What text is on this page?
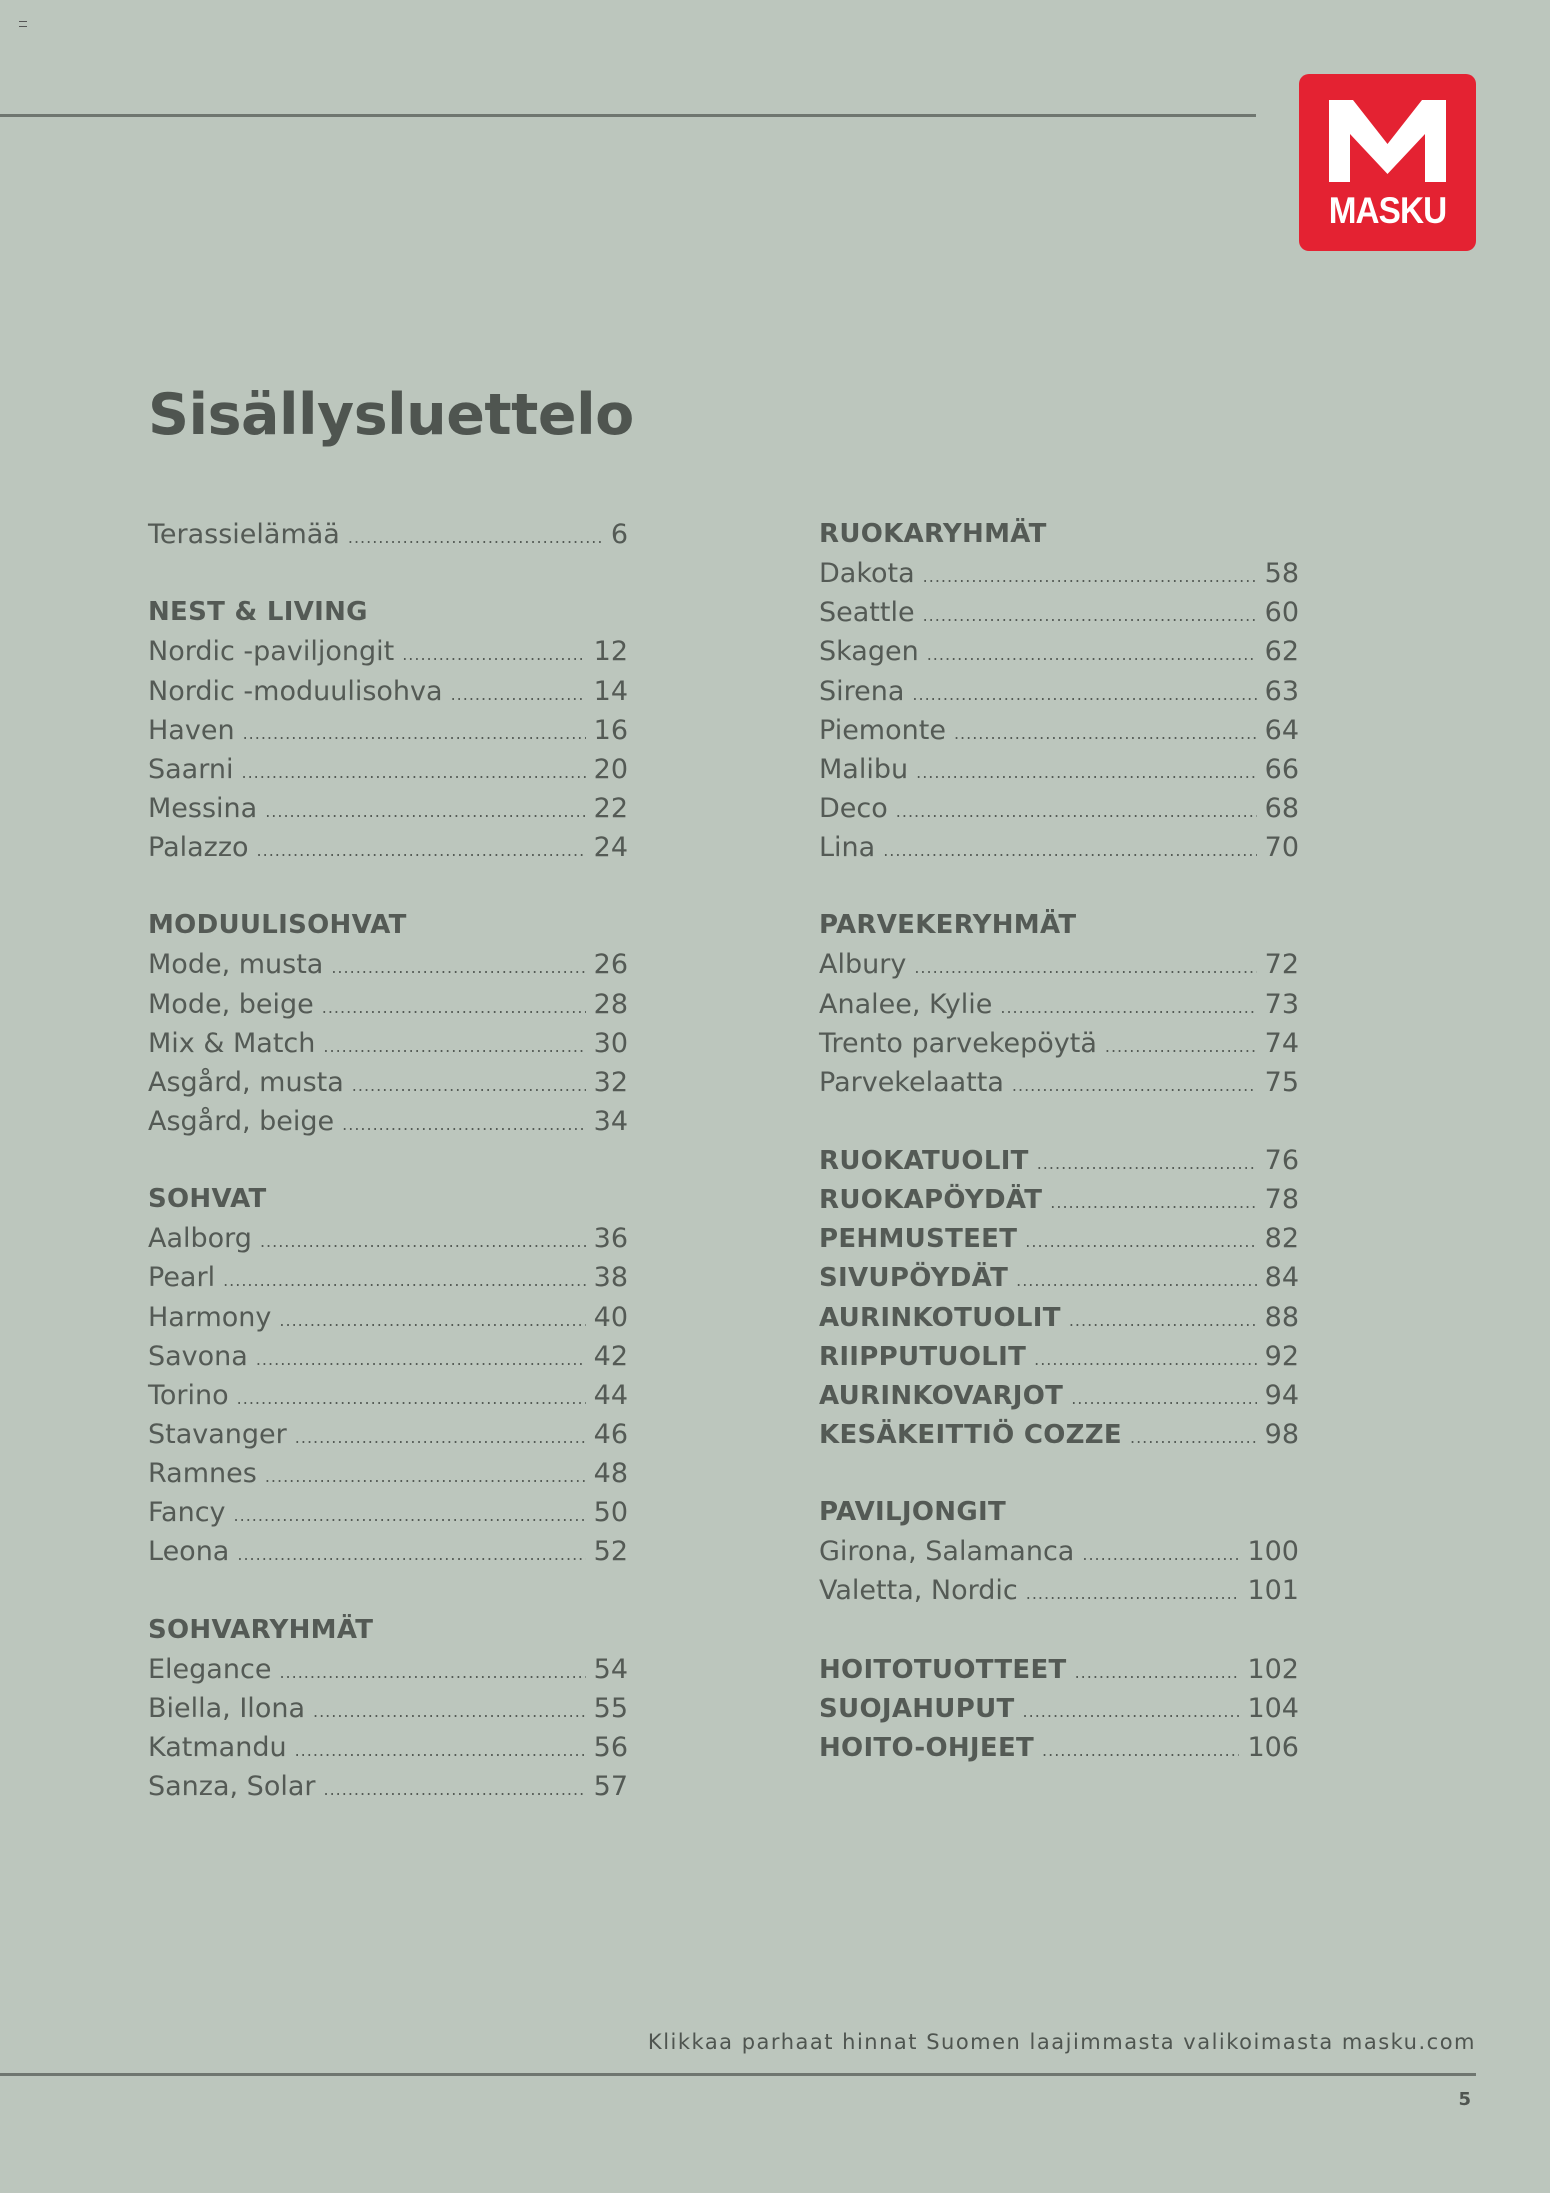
MASKU
Sisällysluettelo
Terassielämää .....	6
NEST & LIVING
Nordic -paviljongit .....	12
Nordic -moduulisohva .....	14
Haven .....	16
Saarni .....	20
Messina .....	22
Palazzo .....	24
MODUULISOHVAT
Mode, musta .....	26
Mode, beige .....	28
Mix & Match .....	30
Asgård, musta .....	32
Asgård, beige .....	34
SOHVAT
Aalborg .....	36
Pearl .....	38
Harmony .....	40
Savona .....	42
Torino .....	44
Stavanger .....	46
Ramnes .....	48
Fancy .....	50
Leona .....	52
SOHVARYHMÄT
Elegance .....	54
Biella, Ilona .....	55
Katmandu .....	56
Sanza, Solar .....	57
RUOKARYHMÄT
Dakota .....	58
Seattle .....	60
Skagen .....	62
Sirena .....	63
Piemonte .....	64
Malibu .....	66
Deco .....	68
Lina .....	70
PARVEKERYHMÄT
Albury .....	72
Analee, Kylie .....	73
Trento parvekepöytä .....	74
Parvekelaatta .....	75
RUOKATUOLIT .....	76
RUOKAPÖYDÄT .....	78
PEHMUSTEET .....	82
SIVUPÖYDÄT .....	84
AURINKOTUOLIT .....	88
RIIPPUTUOLIT .....	92
AURINKOVARJOT .....	94
KESÄKEITTIÖ COZZE .....	98
PAVILJONGIT
Girona, Salamanca .....	100
Valetta, Nordic .....	101
HOITOTUOTTEET .....	102
SUOJAHUPUT .....	104
HOITO-OHJEET .....	106
Klikkaa parhaat hinnat Suomen laajimmasta valikoimasta masku.com
5
